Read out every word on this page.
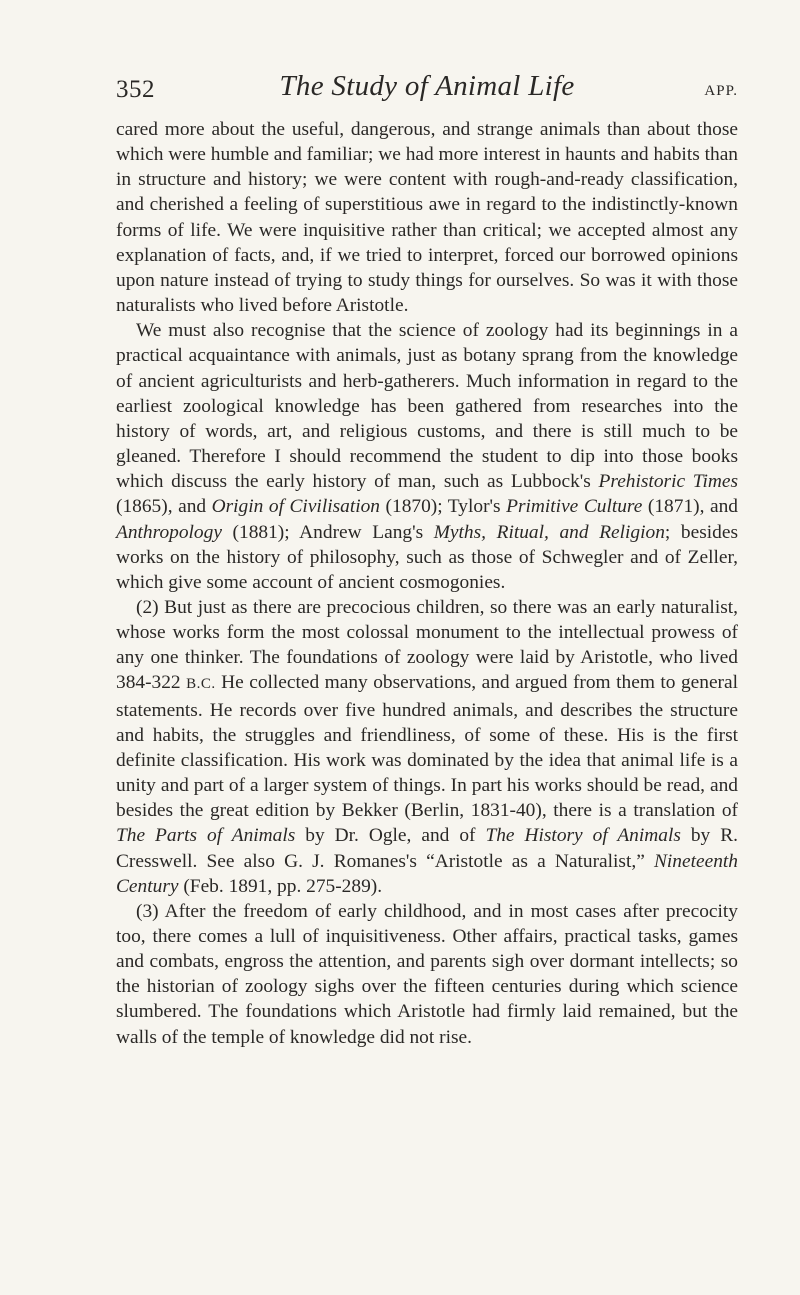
352	The Study of Animal Life	APP.

cared more about the useful, dangerous, and strange animals than about those which were humble and familiar; we had more interest in haunts and habits than in structure and history; we were content with rough-and-ready classification, and cherished a feeling of superstitious awe in regard to the indistinctly-known forms of life. We were inquisitive rather than critical; we accepted almost any explanation of facts, and, if we tried to interpret, forced our borrowed opinions upon nature instead of trying to study things for ourselves. So was it with those naturalists who lived before Aristotle.

We must also recognise that the science of zoology had its beginnings in a practical acquaintance with animals, just as botany sprang from the knowledge of ancient agriculturists and herb-gatherers. Much information in regard to the earliest zoological knowledge has been gathered from researches into the history of words, art, and religious customs, and there is still much to be gleaned. Therefore I should recommend the student to dip into those books which discuss the early history of man, such as Lubbock's Prehistoric Times (1865), and Origin of Civilisation (1870); Tylor's Primitive Culture (1871), and Anthropology (1881); Andrew Lang's Myths, Ritual, and Religion; besides works on the history of philosophy, such as those of Schwegler and of Zeller, which give some account of ancient cosmogonies.

(2) But just as there are precocious children, so there was an early naturalist, whose works form the most colossal monument to the intellectual prowess of any one thinker. The foundations of zoology were laid by Aristotle, who lived 384-322 B.C. He collected many observations, and argued from them to general statements. He records over five hundred animals, and describes the structure and habits, the struggles and friendliness, of some of these. His is the first definite classification. His work was dominated by the idea that animal life is a unity and part of a larger system of things. In part his works should be read, and besides the great edition by Bekker (Berlin, 1831-40), there is a translation of The Parts of Animals by Dr. Ogle, and of The History of Animals by R. Cresswell. See also G. J. Romanes's “Aristotle as a Naturalist,” Nineteenth Century (Feb. 1891, pp. 275-289).

(3) After the freedom of early childhood, and in most cases after precocity too, there comes a lull of inquisitiveness. Other affairs, practical tasks, games and combats, engross the attention, and parents sigh over dormant intellects; so the historian of zoology sighs over the fifteen centuries during which science slumbered. The foundations which Aristotle had firmly laid remained, but the walls of the temple of knowledge did not rise.
